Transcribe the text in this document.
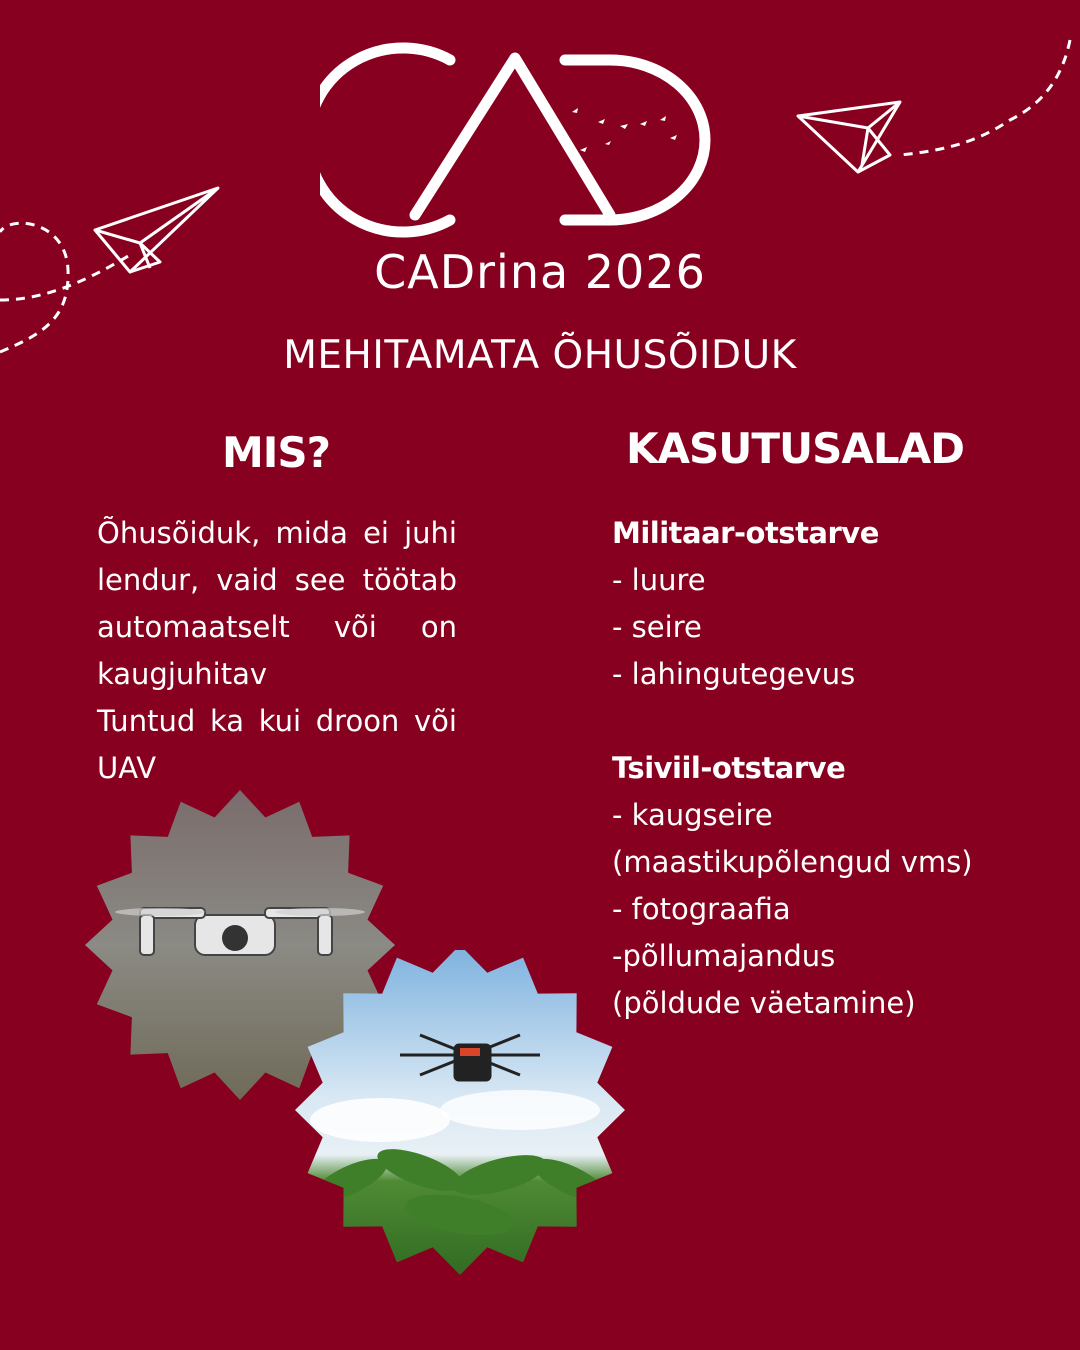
CADrina 2026
MEHITAMATA ÕHUSÕIDUK
MIS?

Õhusõiduk, mida ei juhi lendur, vaid see töötab automaatselt või on kaugjuhitav

Tuntud ka kui droon või UAV

KASUTUSALAD
Militaar-otstarve
- luure
- seire
- lahingutegevus
Tsiviil-otstarve
- kaugseire
(maastikupõlengud vms)
- fotograafia
-põllumajandus
(põldude väetamine)
